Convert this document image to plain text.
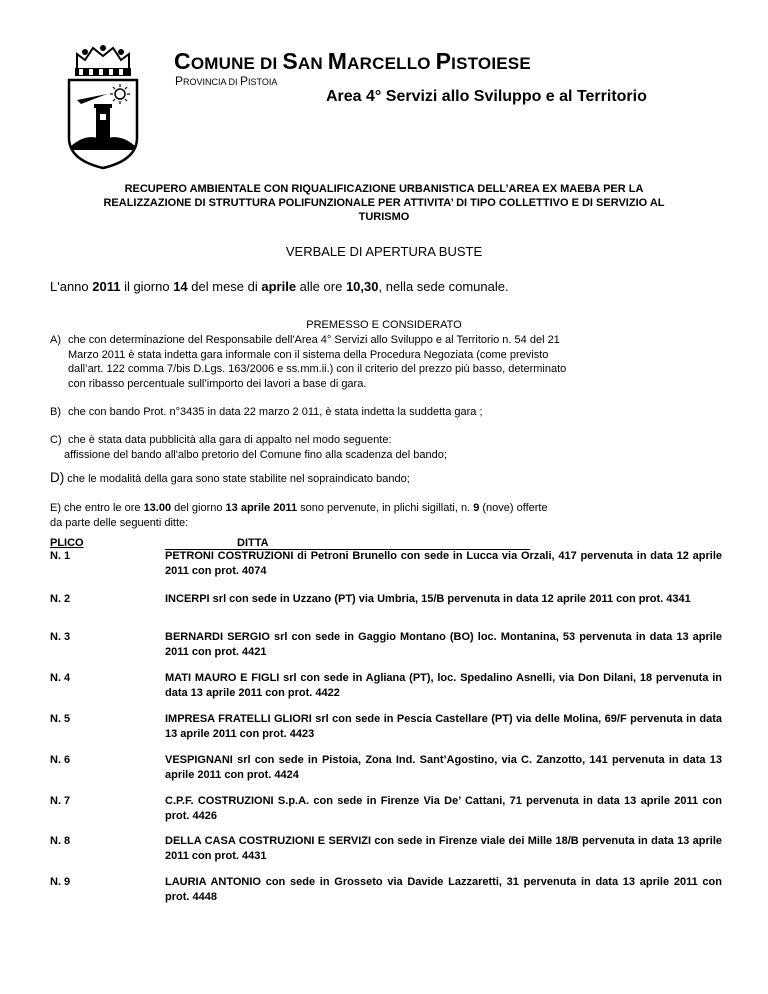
COMUNE DI SAN MARCELLO PISTOIESE
PROVINCIA DI PISTOIA
Area 4° Servizi allo Sviluppo e al Territorio
RECUPERO AMBIENTALE CON RIQUALIFICAZIONE URBANISTICA DELL’AREA EX MAEBA PER LA REALIZZAZIONE DI STRUTTURA POLIFUNZIONALE PER ATTIVITA’ DI TIPO COLLETTIVO E DI SERVIZIO AL TURISMO
VERBALE DI APERTURA BUSTE
L'anno 2011 il giorno 14 del mese di aprile alle ore 10,30, nella sede comunale.
PREMESSO E CONSIDERATO
A) che con determinazione del Responsabile dell'Area 4° Servizi allo Sviluppo e al Territorio n. 54 del 21
Marzo 2011 è stata indetta gara informale con il sistema della Procedura Negoziata (come previsto
dall’art. 122 comma 7/bis D.Lgs. 163/2006 e ss.mm.ii.) con il criterio del prezzo più basso, determinato
con ribasso percentuale sull’importo dei lavori a base di gara.
B) che con bando Prot. n°3435 in data 22 marzo 2 011, è stata indetta la suddetta gara ;
C) che è stata data pubblicità alla gara di appalto nel modo seguente:
affissione del bando all'albo pretorio del Comune fino alla scadenza del bando;
D) che le modalità della gara sono state stabilite nel sopraindicato bando;
E) che entro le ore 13.00 del giorno 13 aprile 2011 sono pervenute, in plichi sigillati, n. 9 (nove) offerte
da parte delle seguenti ditte:
PLICO	DITTA
N. 1	PETRONI COSTRUZIONI di Petroni Brunello con sede in Lucca via Orzali, 417 pervenuta in data 12 aprile 2011 con prot. 4074
N. 2	INCERPI srl con sede in Uzzano (PT) via Umbria, 15/B pervenuta in data 12 aprile 2011 con prot. 4341
N. 3	BERNARDI SERGIO srl con sede in Gaggio Montano (BO) loc. Montanina, 53 pervenuta in data 13 aprile 2011 con prot. 4421
N. 4	MATI MAURO E FIGLI srl con sede in Agliana (PT), loc. Spedalino Asnelli, via Don Dilani, 18 pervenuta in data 13 aprile 2011 con prot. 4422
N. 5	IMPRESA FRATELLI GLIORI srl con sede in Pescia Castellare (PT) via delle Molina, 69/F pervenuta in data 13 aprile 2011 con prot. 4423
N. 6	VESPIGNANI srl con sede in Pistoia, Zona Ind. Sant’Agostino, via C. Zanzotto, 141 pervenuta in data 13 aprile 2011 con prot. 4424
N. 7	C.P.F. COSTRUZIONI S.p.A. con sede in Firenze Via De’ Cattani, 71 pervenuta in data 13 aprile 2011 con prot. 4426
N. 8	DELLA CASA COSTRUZIONI E SERVIZI con sede in Firenze viale dei Mille 18/B pervenuta in data 13 aprile 2011 con prot. 4431
N. 9	LAURIA ANTONIO con sede in Grosseto via Davide Lazzaretti, 31 pervenuta in data 13 aprile 2011 con prot. 4448
